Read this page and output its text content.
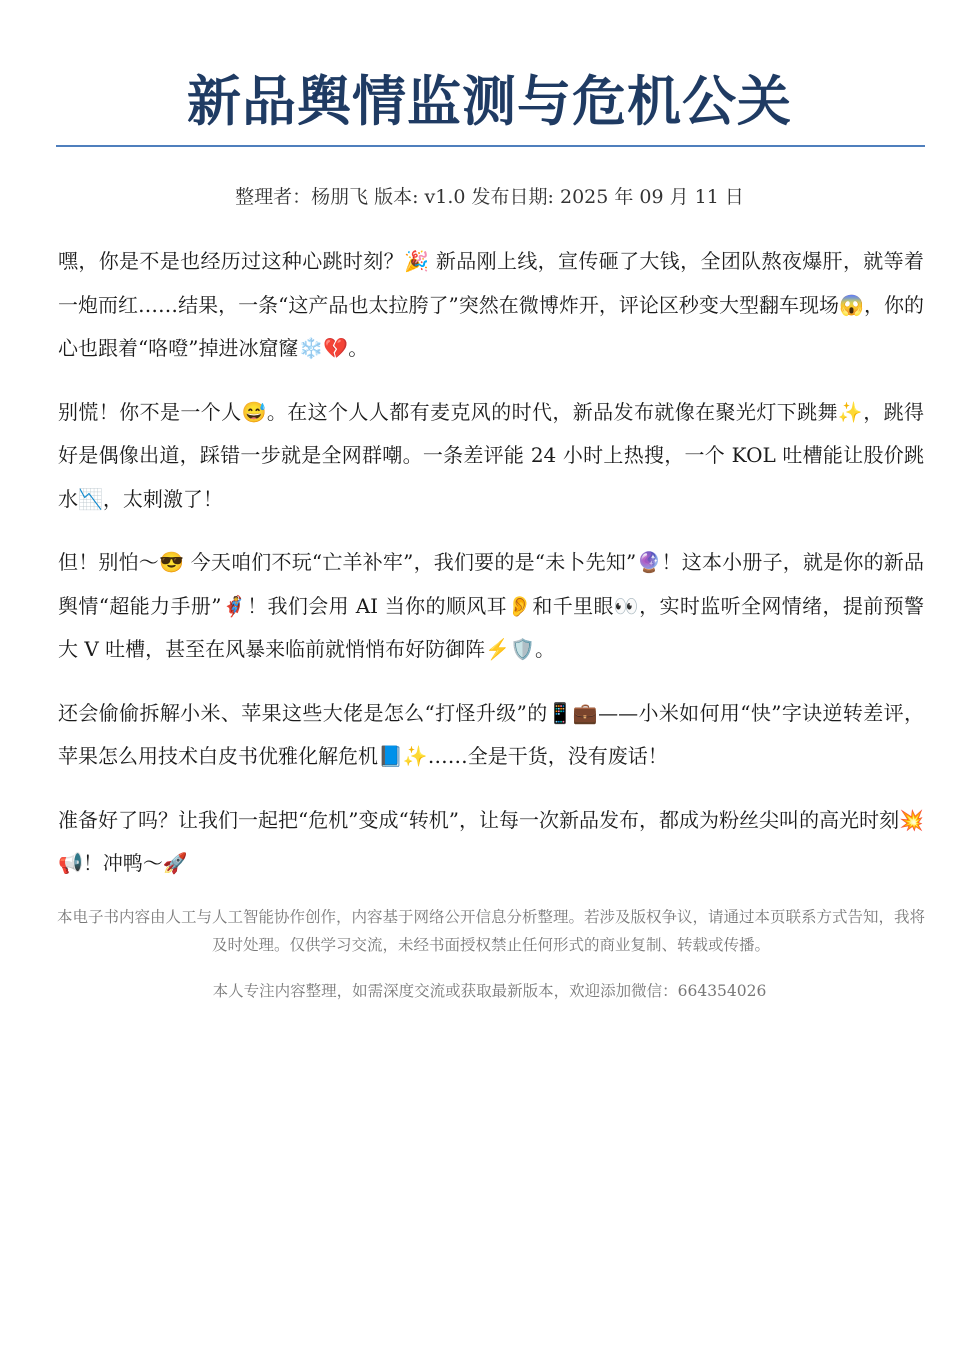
新品舆情监测与危机公关
整理者：杨朋飞 版本: v1.0 发布日期: 2025 年 09 月 11 日

嘿，你是不是也经历过这种心跳时刻？🎉 新品刚上线，宣传砸了大钱，全团队熬夜爆肝，就等着一炮而红……结果，一条“这产品也太拉胯了”突然在微博炸开，评论区秒变大型翻车现场😱，你的心也跟着“咯噔”掉进冰窟窿❄️💔。

别慌！你不是一个人😅。在这个人人都有麦克风的时代，新品发布就像在聚光灯下跳舞✨，跳得好是偶像出道，踩错一步就是全网群嘲。一条差评能 24 小时上热搜，一个 KOL 吐槽能让股价跳水📉，太刺激了！

但！别怕～😎 今天咱们不玩“亡羊补牢”，我们要的是“未卜先知”🔮！这本小册子，就是你的新品舆情“超能力手册”🦸！我们会用 AI 当你的顺风耳👂和千里眼👀，实时监听全网情绪，提前预警大 V 吐槽，甚至在风暴来临前就悄悄布好防御阵⚡🛡️。

还会偷偷拆解小米、苹果这些大佬是怎么“打怪升级”的📱💼——小米如何用“快”字诀逆转差评，苹果怎么用技术白皮书优雅化解危机📘✨……全是干货，没有废话！

准备好了吗？让我们一起把“危机”变成“转机”，让每一次新品发布，都成为粉丝尖叫的高光时刻💥📢！冲鸭～🚀

本电子书内容由人工与人工智能协作创作，内容基于网络公开信息分析整理。若涉及版权争议，请通过本页联系方式告知，我将及时处理。仅供学习交流，未经书面授权禁止任何形式的商业复制、转载或传播。
本人专注内容整理，如需深度交流或获取最新版本，欢迎添加微信：664354026
